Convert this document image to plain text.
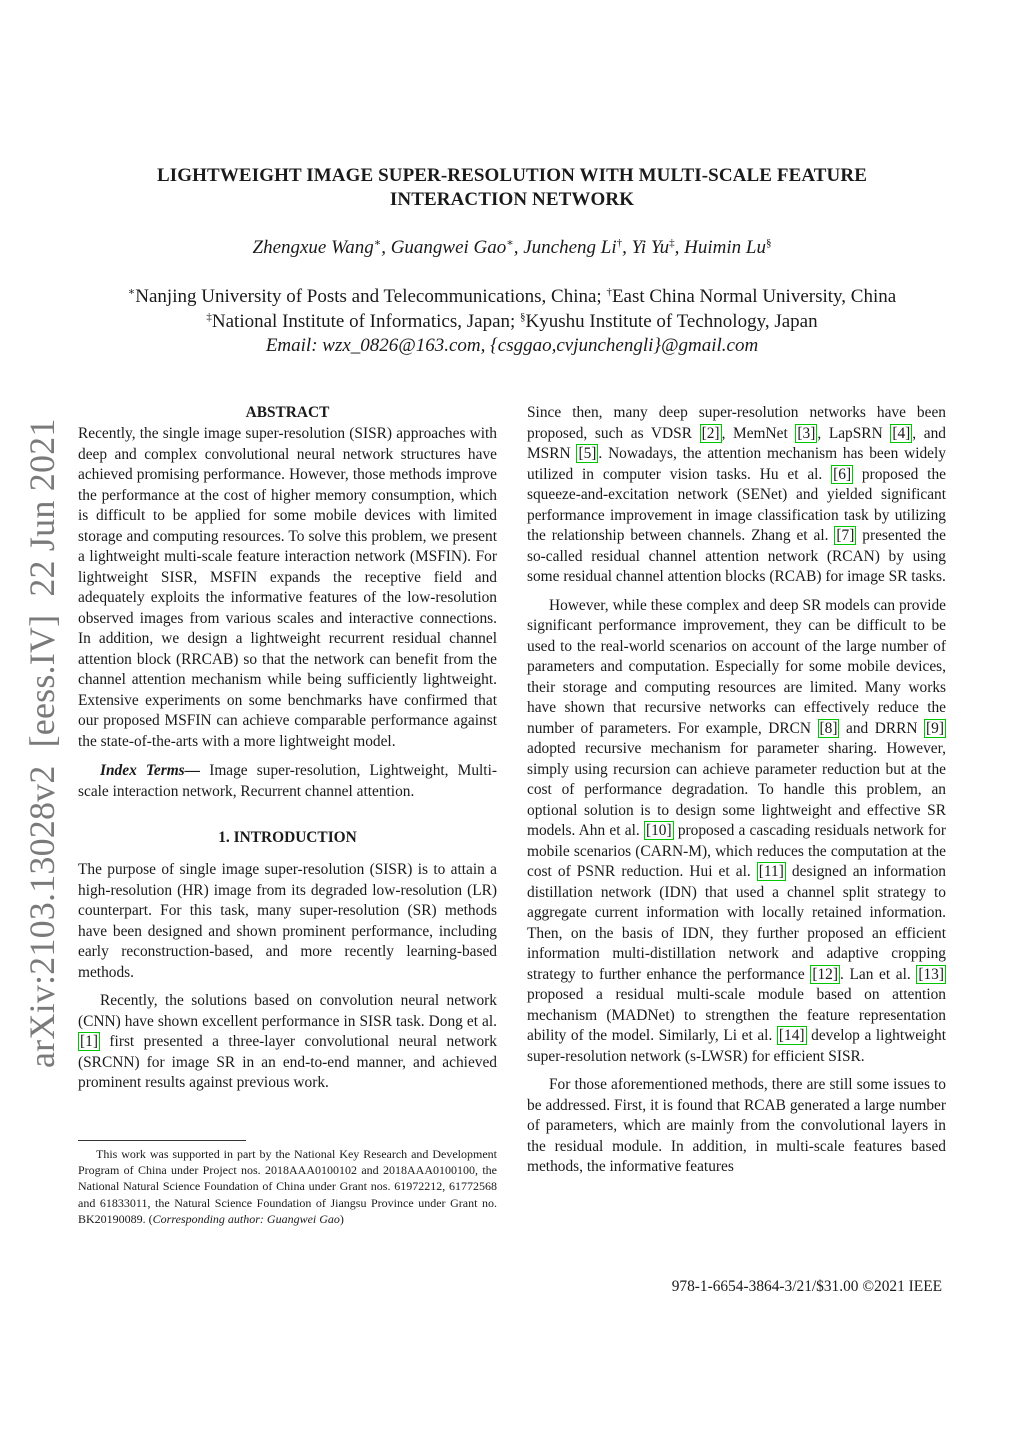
arXiv:2103.13028v2[eess.IV]22 Jun 2021
LIGHTWEIGHT IMAGE SUPER-RESOLUTION WITH MULTI-SCALE FEATURE INTERACTION NETWORK
Zhengxue Wang∗, Guangwei Gao∗, Juncheng Li†, Yi Yu‡, Huimin Lu§
∗Nanjing University of Posts and Telecommunications, China; †East China Normal University, China
‡National Institute of Informatics, Japan; §Kyushu Institute of Technology, Japan
Email: wzx_0826@163.com, {csggao,cvjunchengli}@gmail.com
ABSTRACT

Recently, the single image super-resolution (SISR) approaches with deep and complex convolutional neural network structures have achieved promising performance. However, those methods improve the performance at the cost of higher memory consumption, which is difficult to be applied for some mobile devices with limited storage and computing resources. To solve this problem, we present a lightweight multi-scale feature interaction network (MSFIN). For lightweight SISR, MSFIN expands the receptive field and adequately exploits the informative features of the low-resolution observed images from various scales and interactive connections. In addition, we design a lightweight recurrent residual channel attention block (RRCAB) so that the network can benefit from the channel attention mechanism while being sufficiently lightweight. Extensive experiments on some benchmarks have confirmed that our proposed MSFIN can achieve comparable performance against the state-of-the-arts with a more lightweight model.

Index Terms— Image super-resolution, Lightweight, Multi-scale interaction network, Recurrent channel attention.

1. INTRODUCTION

The purpose of single image super-resolution (SISR) is to attain a high-resolution (HR) image from its degraded low-resolution (LR) counterpart. For this task, many super-resolution (SR) methods have been designed and shown prominent performance, including early reconstruction-based, and more recently learning-based methods.

Recently, the solutions based on convolution neural network (CNN) have shown excellent performance in SISR task. Dong et al. [1] first presented a three-layer convolutional neural network (SRCNN) for image SR in an end-to-end manner, and achieved prominent results against previous work.

This work was supported in part by the National Key Research and Development Program of China under Project nos. 2018AAA0100102 and 2018AAA0100100, the National Natural Science Foundation of China under Grant nos. 61972212, 61772568 and 61833011, the Natural Science Foundation of Jiangsu Province under Grant no. BK20190089. (Corresponding author: Guangwei Gao)

Since then, many deep super-resolution networks have been proposed, such as VDSR [2] , MemNet [3] , LapSRN [4] , and MSRN [5] . Nowadays, the attention mechanism has been widely utilized in computer vision tasks. Hu et al. [6] proposed the squeeze-and-excitation network (SENet) and yielded significant performance improvement in image classification task by utilizing the relationship between channels. Zhang et al. [7] presented the so-called residual channel attention network (RCAN) by using some residual channel attention blocks (RCAB) for image SR tasks.

However, while these complex and deep SR models can provide significant performance improvement, they can be difficult to be used to the real-world scenarios on account of the large number of parameters and computation. Especially for some mobile devices, their storage and computing resources are limited. Many works have shown that recursive networks can effectively reduce the number of parameters. For example, DRCN [8] and DRRN [9] adopted recursive mechanism for parameter sharing. However, simply using recursion can achieve parameter reduction but at the cost of performance degradation. To handle this problem, an optional solution is to design some lightweight and effective SR models. Ahn et al. [10] proposed a cascading residuals network for mobile scenarios (CARN-M), which reduces the computation at the cost of PSNR reduction. Hui et al. [11] designed an information distillation network (IDN) that used a channel split strategy to aggregate current information with locally retained information. Then, on the basis of IDN, they further proposed an efficient information multi-distillation network and adaptive cropping strategy to further enhance the performance [12] . Lan et al. [13] proposed a residual multi-scale module based on attention mechanism (MADNet) to strengthen the feature representation ability of the model. Similarly, Li et al. [14] develop a lightweight super-resolution network (s-LWSR) for efficient SISR.

For those aforementioned methods, there are still some issues to be addressed. First, it is found that RCAB generated a large number of parameters, which are mainly from the convolutional layers in the residual module. In addition, in multi-scale features based methods, the informative features

978-1-6654-3864-3/21/$31.00 ©2021 IEEE
